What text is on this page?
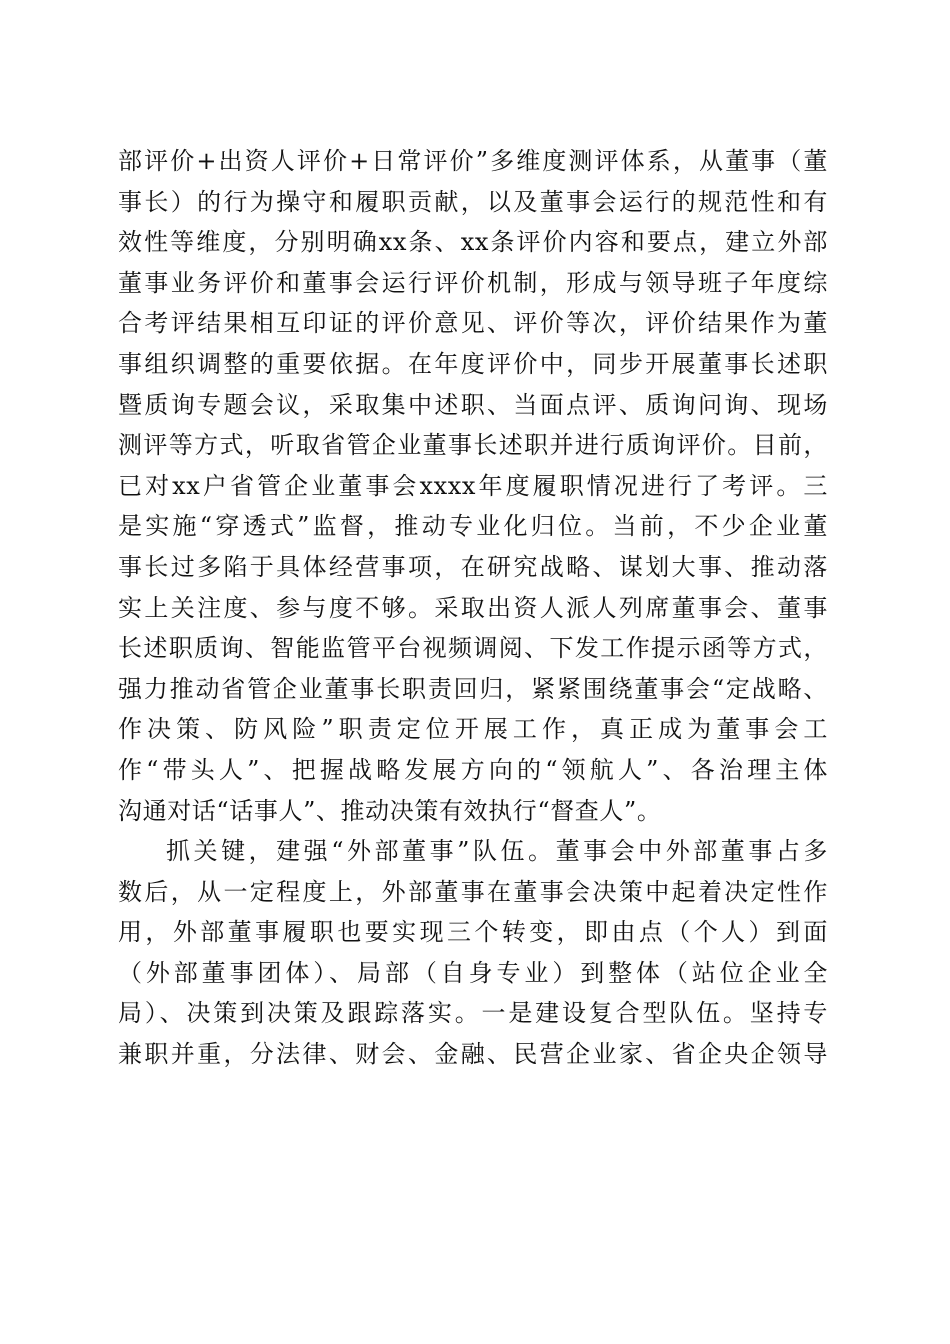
部评价+出资人评价+日常评价”多维度测评体系，从董事（董
事长）的行为操守和履职贡献，以及董事会运行的规范性和有
效性等维度，分别明确xx条、xx条评价内容和要点，建立外部
董事业务评价和董事会运行评价机制，形成与领导班子年度综
合考评结果相互印证的评价意见、评价等次，评价结果作为董
事组织调整的重要依据。在年度评价中，同步开展董事长述职
暨质询专题会议，采取集中述职、当面点评、质询问询、现场
测评等方式，听取省管企业董事长述职并进行质询评价。目前，
已对xx户省管企业董事会xxxx年度履职情况进行了考评。三
是实施“穿透式”监督，推动专业化归位。当前，不少企业董
事长过多陷于具体经营事项，在研究战略、谋划大事、推动落
实上关注度、参与度不够。采取出资人派人列席董事会、董事
长述职质询、智能监管平台视频调阅、下发工作提示函等方式，
强力推动省管企业董事长职责回归，紧紧围绕董事会“定战略、
作决策、防风险”职责定位开展工作，真正成为董事会工
作“带头人”、把握战略发展方向的“领航人”、各治理主体
沟通对话“话事人”、推动决策有效执行“督查人”。
抓关键，建强“外部董事”队伍。董事会中外部董事占多
数后，从一定程度上，外部董事在董事会决策中起着决定性作
用，外部董事履职也要实现三个转变，即由点（个人）到面
（外部董事团体）、局部（自身专业）到整体（站位企业全
局）、决策到决策及跟踪落实。一是建设复合型队伍。坚持专
兼职并重，分法律、财会、金融、民营企业家、省企央企领导
